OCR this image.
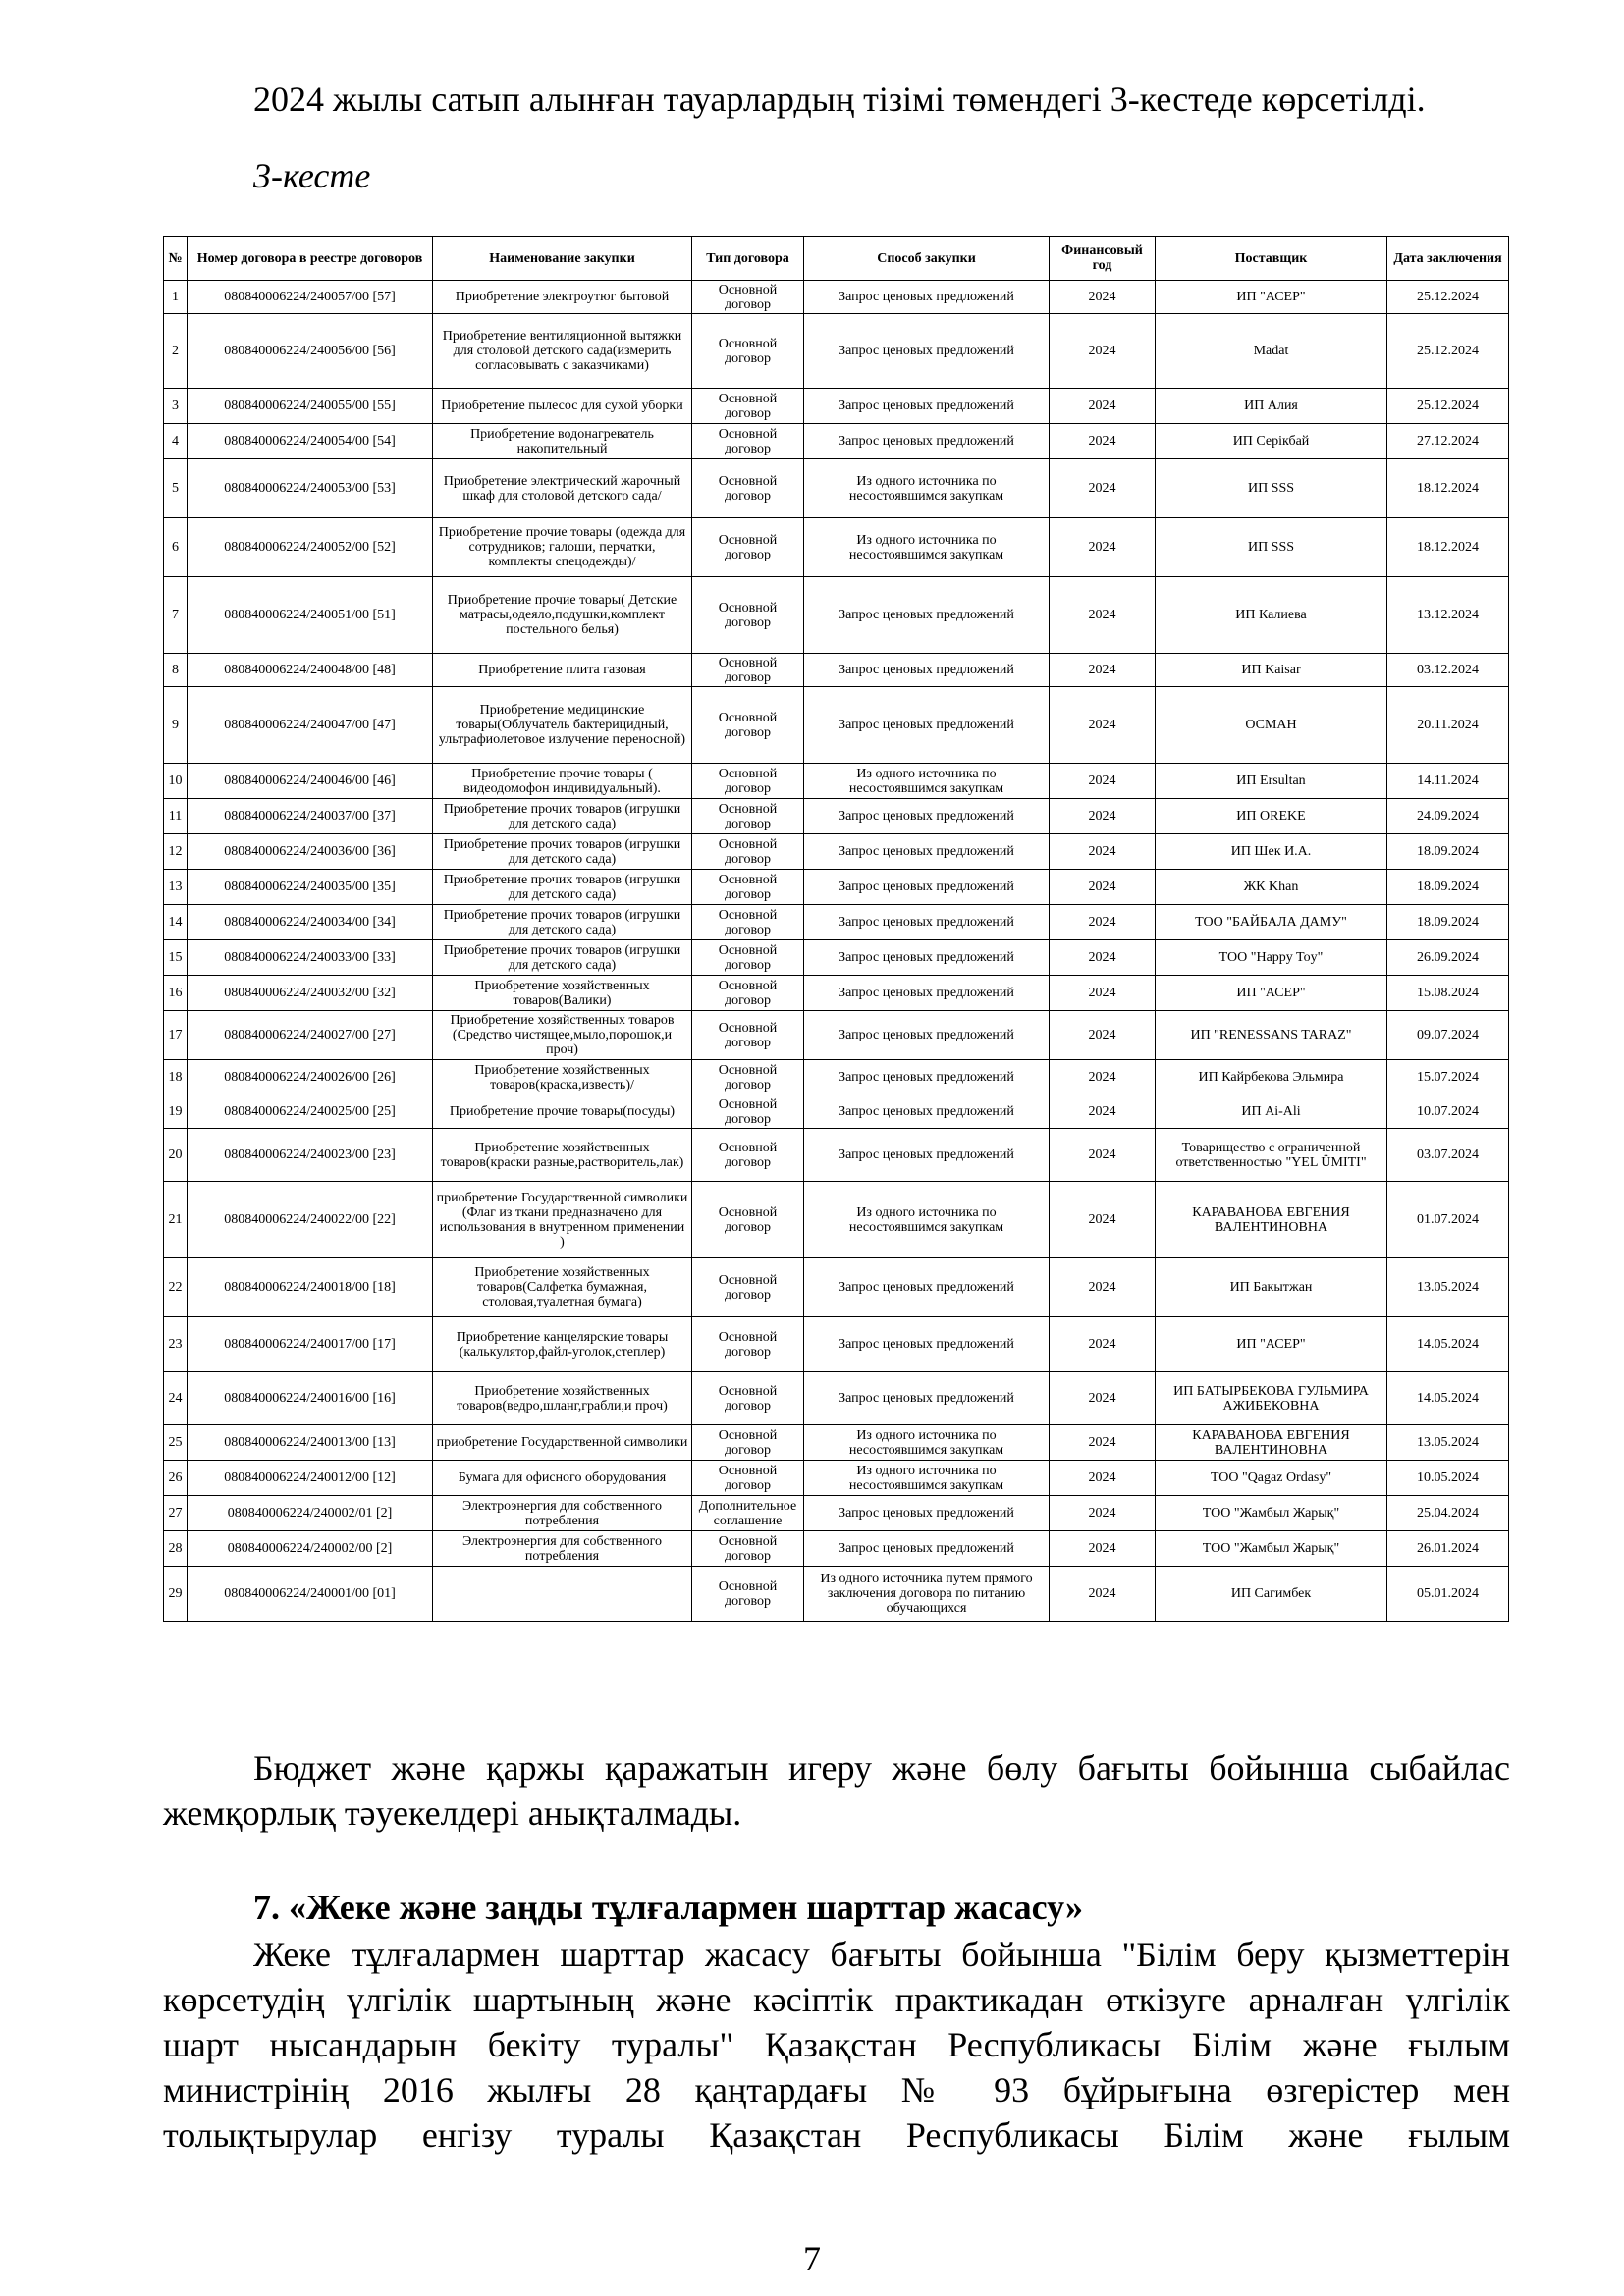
2024 жылы сатып алынған тауарлардың тізімі төмендегі 3-кестеде көрсетілді.

3-кесте

№	Номер договора в реестре договоров	Наименование закупки	Тип договора	Способ закупки	Финансовый год	Поставщик	Дата заключения
1	080840006224/240057/00 [57]	Приобретение электроутюг бытовой	Основной договор	Запрос ценовых предложений	2024	ИП "АСЕР"	25.12.2024
2	080840006224/240056/00 [56]	Приобретение вентиляционной вытяжки для столовой детского сада(измерить согласовывать с заказчиками)	Основной договор	Запрос ценовых предложений	2024	Madat	25.12.2024
3	080840006224/240055/00 [55]	Приобретение пылесос для сухой уборки	Основной договор	Запрос ценовых предложений	2024	ИП Алия	25.12.2024
4	080840006224/240054/00 [54]	Приобретение водонагреватель накопительный	Основной договор	Запрос ценовых предложений	2024	ИП Серікбай	27.12.2024
5	080840006224/240053/00 [53]	Приобретение электрический жарочный шкаф для столовой детского сада/	Основной договор	Из одного источника по несостоявшимся закупкам	2024	ИП SSS	18.12.2024
6	080840006224/240052/00 [52]	Приобретение прочие товары (одежда для сотрудников; галоши, перчатки, комплекты спецодежды)/	Основной договор	Из одного источника по несостоявшимся закупкам	2024	ИП SSS	18.12.2024
7	080840006224/240051/00 [51]	Приобретение прочие товары( Детские матрасы,одеяло,подушки,комплект постельного белья)	Основной договор	Запрос ценовых предложений	2024	ИП Калиева	13.12.2024
8	080840006224/240048/00 [48]	Приобретение плита газовая	Основной договор	Запрос ценовых предложений	2024	ИП Kaisar	03.12.2024
9	080840006224/240047/00 [47]	Приобретение медицинские товары(Облучатель бактерицидный, ультрафиолетовое излучение переносной)	Основной договор	Запрос ценовых предложений	2024	ОСМАН	20.11.2024
10	080840006224/240046/00 [46]	Приобретение прочие товары ( видеодомофон индивидуальный).	Основной договор	Из одного источника по несостоявшимся закупкам	2024	ИП Ersultan	14.11.2024
11	080840006224/240037/00 [37]	Приобретение прочих товаров (игрушки для детского сада)	Основной договор	Запрос ценовых предложений	2024	ИП OREKE	24.09.2024
12	080840006224/240036/00 [36]	Приобретение прочих товаров (игрушки для детского сада)	Основной договор	Запрос ценовых предложений	2024	ИП Шек И.А.	18.09.2024
13	080840006224/240035/00 [35]	Приобретение прочих товаров (игрушки для детского сада)	Основной договор	Запрос ценовых предложений	2024	ЖК Khan	18.09.2024
14	080840006224/240034/00 [34]	Приобретение прочих товаров (игрушки для детского сада)	Основной договор	Запрос ценовых предложений	2024	ТОО "БАЙБАЛА ДАМУ"	18.09.2024
15	080840006224/240033/00 [33]	Приобретение прочих товаров (игрушки для детского сада)	Основной договор	Запрос ценовых предложений	2024	ТОО "Happy Toy"	26.09.2024
16	080840006224/240032/00 [32]	Приобретение хозяйственных товаров(Валики)	Основной договор	Запрос ценовых предложений	2024	ИП "АСЕР"	15.08.2024
17	080840006224/240027/00 [27]	Приобретение хозяйственных товаров (Средство чистящее,мыло,порошок,и проч)	Основной договор	Запрос ценовых предложений	2024	ИП "RENESSANS TARAZ"	09.07.2024
18	080840006224/240026/00 [26]	Приобретение хозяйственных товаров(краска,известь)/	Основной договор	Запрос ценовых предложений	2024	ИП Кайрбекова Эльмира	15.07.2024
19	080840006224/240025/00 [25]	Приобретение прочие товары(посуды)	Основной договор	Запрос ценовых предложений	2024	ИП Ai-Ali	10.07.2024
20	080840006224/240023/00 [23]	Приобретение хозяйственных товаров(краски разные,растворитель,лак)	Основной договор	Запрос ценовых предложений	2024	Товарищество с ограниченной ответственностью "YEL ÜMITI"	03.07.2024
21	080840006224/240022/00 [22]	приобретение Государственной символики (Флаг из ткани предназначено для использования в внутренном применении )	Основной договор	Из одного источника по несостоявшимся закупкам	2024	КАРАВАНОВА ЕВГЕНИЯ ВАЛЕНТИНОВНА	01.07.2024
22	080840006224/240018/00 [18]	Приобретение хозяйственных товаров(Салфетка бумажная, столовая,туалетная бумага)	Основной договор	Запрос ценовых предложений	2024	ИП Бакытжан	13.05.2024
23	080840006224/240017/00 [17]	Приобретение канцелярские товары (калькулятор,файл-уголок,степлер)	Основной договор	Запрос ценовых предложений	2024	ИП "АСЕР"	14.05.2024
24	080840006224/240016/00 [16]	Приобретение хозяйственных товаров(ведро,шланг,грабли,и проч)	Основной договор	Запрос ценовых предложений	2024	ИП БАТЫРБЕКОВА ГУЛЬМИРА АЖИБЕКОВНА	14.05.2024
25	080840006224/240013/00 [13]	приобретение Государственной символики	Основной договор	Из одного источника по несостоявшимся закупкам	2024	КАРАВАНОВА ЕВГЕНИЯ ВАЛЕНТИНОВНА	13.05.2024
26	080840006224/240012/00 [12]	Бумага для офисного оборудования	Основной договор	Из одного источника по несостоявшимся закупкам	2024	ТОО "Qagaz Ordasy"	10.05.2024
27	080840006224/240002/01 [2]	Электроэнергия для собственного потребления	Дополнительное соглашение	Запрос ценовых предложений	2024	ТОО "Жамбыл Жарық"	25.04.2024
28	080840006224/240002/00 [2]	Электроэнергия для собственного потребления	Основной договор	Запрос ценовых предложений	2024	ТОО "Жамбыл Жарық"	26.01.2024
29	080840006224/240001/00 [01]		Основной договор	Из одного источника путем прямого заключения договора по питанию обучающихся	2024	ИП Сагимбек	05.01.2024
Бюджет және қаржы қаражатын игеру және бөлу бағыты бойынша сыбайлас
жемқорлық тәуекелдері анықталмады.

7. «Жеке және заңды тұлғалармен шарттар жасасу»

Жеке тұлғалармен шарттар жасасу бағыты бойынша "Білім беру қызметтерін
көрсетудің үлгілік шартының және кәсіптік практикадан өткізуге арналған үлгілік
шарт нысандарын бекіту туралы" Қазақстан Республикасы Білім және ғылым
министрінің 2016 жылғы 28 қаңтардағы № 93 бұйрығына өзгерістер мен
толықтырулар енгізу туралы Қазақстан Республикасы Білім және ғылым

7
